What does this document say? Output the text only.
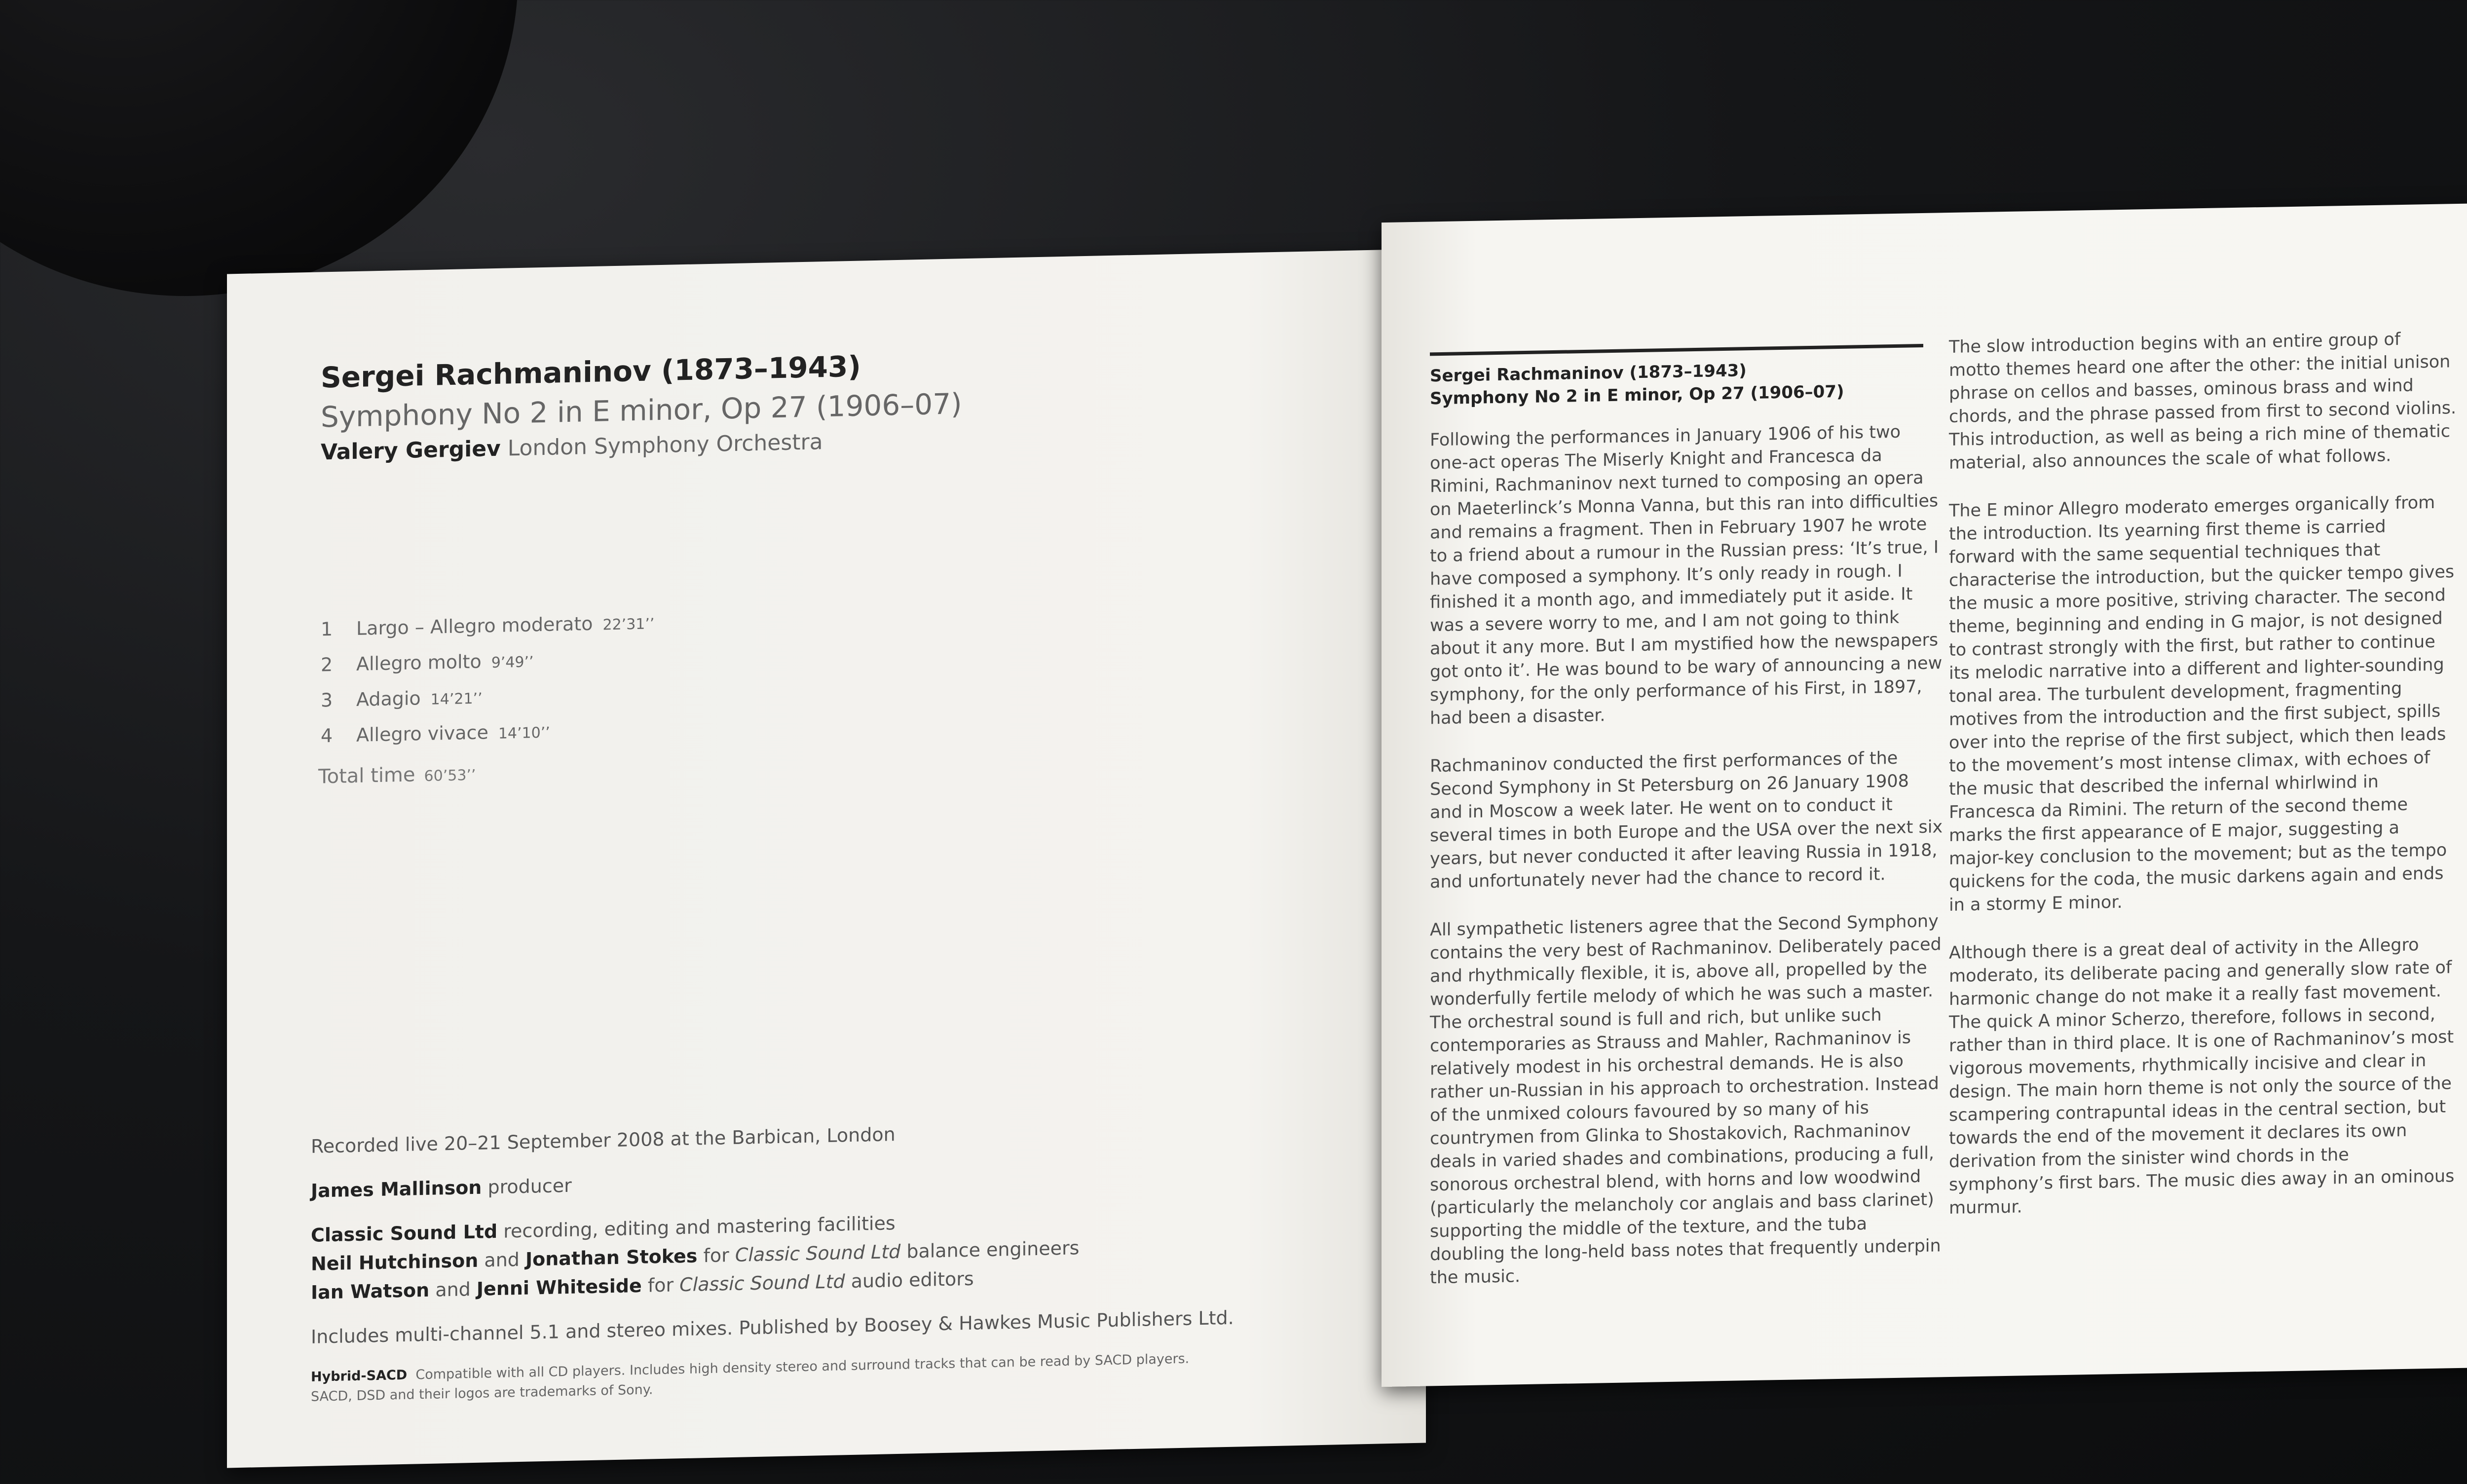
Sergei Rachmaninov (1873–1943)
Symphony No 2 in E minor, Op 27 (1906–07)
Valery Gergiev London Symphony Orchestra
1 Largo – Allegro moderato 22’31’’
2 Allegro molto 9’49’’
3 Adagio 14’21’’
4 Allegro vivace 14’10’’
Total time 60’53’’
Recorded live 20–21 September 2008 at the Barbican, London
James Mallinson producer
Classic Sound Ltd recording, editing and mastering facilities
Neil Hutchinson and Jonathan Stokes for Classic Sound Ltd balance engineers
Ian Watson and Jenni Whiteside for Classic Sound Ltd audio editors
Includes multi-channel 5.1 and stereo mixes. Published by Boosey & Hawkes Music Publishers Ltd.
Hybrid-SACD Compatible with all CD players. Includes high density stereo and surround tracks that can be read by SACD players.
SACD, DSD and their logos are trademarks of Sony.
Sergei Rachmaninov (1873–1943)
Symphony No 2 in E minor, Op 27 (1906–07)

Following the performances in January 1906 of his two one-act operas The Miserly Knight and Francesca da Rimini, Rachmaninov next turned to composing an opera on Maeterlinck’s Monna Vanna, but this ran into difficulties and remains a fragment. Then in February 1907 he wrote to a friend about a rumour in the Russian press: ‘It’s true, I have composed a symphony. It’s only ready in rough. I finished it a month ago, and immediately put it aside. It was a severe worry to me, and I am not going to think about it any more. But I am mystified how the newspapers got onto it’. He was bound to be wary of announcing a new symphony, for the only performance of his First, in 1897, had been a disaster.

Rachmaninov conducted the first performances of the Second Symphony in St Petersburg on 26 January 1908 and in Moscow a week later. He went on to conduct it several times in both Europe and the USA over the next six years, but never conducted it after leaving Russia in 1918, and unfortunately never had the chance to record it.

All sympathetic listeners agree that the Second Symphony contains the very best of Rachmaninov. Deliberately paced and rhythmically flexible, it is, above all, propelled by the wonderfully fertile melody of which he was such a master. The orchestral sound is full and rich, but unlike such contemporaries as Strauss and Mahler, Rachmaninov is relatively modest in his orchestral demands. He is also rather un-Russian in his approach to orchestration. Instead of the unmixed colours favoured by so many of his countrymen from Glinka to Shostakovich, Rachmaninov deals in varied shades and combinations, producing a full, sonorous orchestral blend, with horns and low woodwind (particularly the melancholy cor anglais and bass clarinet) supporting the middle of the texture, and the tuba doubling the long-held bass notes that frequently underpin the music.

The slow introduction begins with an entire group of motto themes heard one after the other: the initial unison phrase on cellos and basses, ominous brass and wind chords, and the phrase passed from first to second violins. This introduction, as well as being a rich mine of thematic material, also announces the scale of what follows.

The E minor Allegro moderato emerges organically from the introduction. Its yearning first theme is carried forward with the same sequential techniques that characterise the introduction, but the quicker tempo gives the music a more positive, striving character. The second theme, beginning and ending in G major, is not designed to contrast strongly with the first, but rather to continue its melodic narrative into a different and lighter-sounding tonal area. The turbulent development, fragmenting motives from the introduction and the first subject, spills over into the reprise of the first subject, which then leads to the movement’s most intense climax, with echoes of the music that described the infernal whirlwind in Francesca da Rimini. The return of the second theme marks the first appearance of E major, suggesting a major-key conclusion to the movement; but as the tempo quickens for the coda, the music darkens again and ends in a stormy E minor.

Although there is a great deal of activity in the Allegro moderato, its deliberate pacing and generally slow rate of harmonic change do not make it a really fast movement. The quick A minor Scherzo, therefore, follows in second, rather than in third place. It is one of Rachmaninov’s most vigorous movements, rhythmically incisive and clear in design. The main horn theme is not only the source of the scampering contrapuntal ideas in the central section, but towards the end of the movement it declares its own derivation from the sinister wind chords in the symphony’s first bars. The music dies away in an ominous murmur.
